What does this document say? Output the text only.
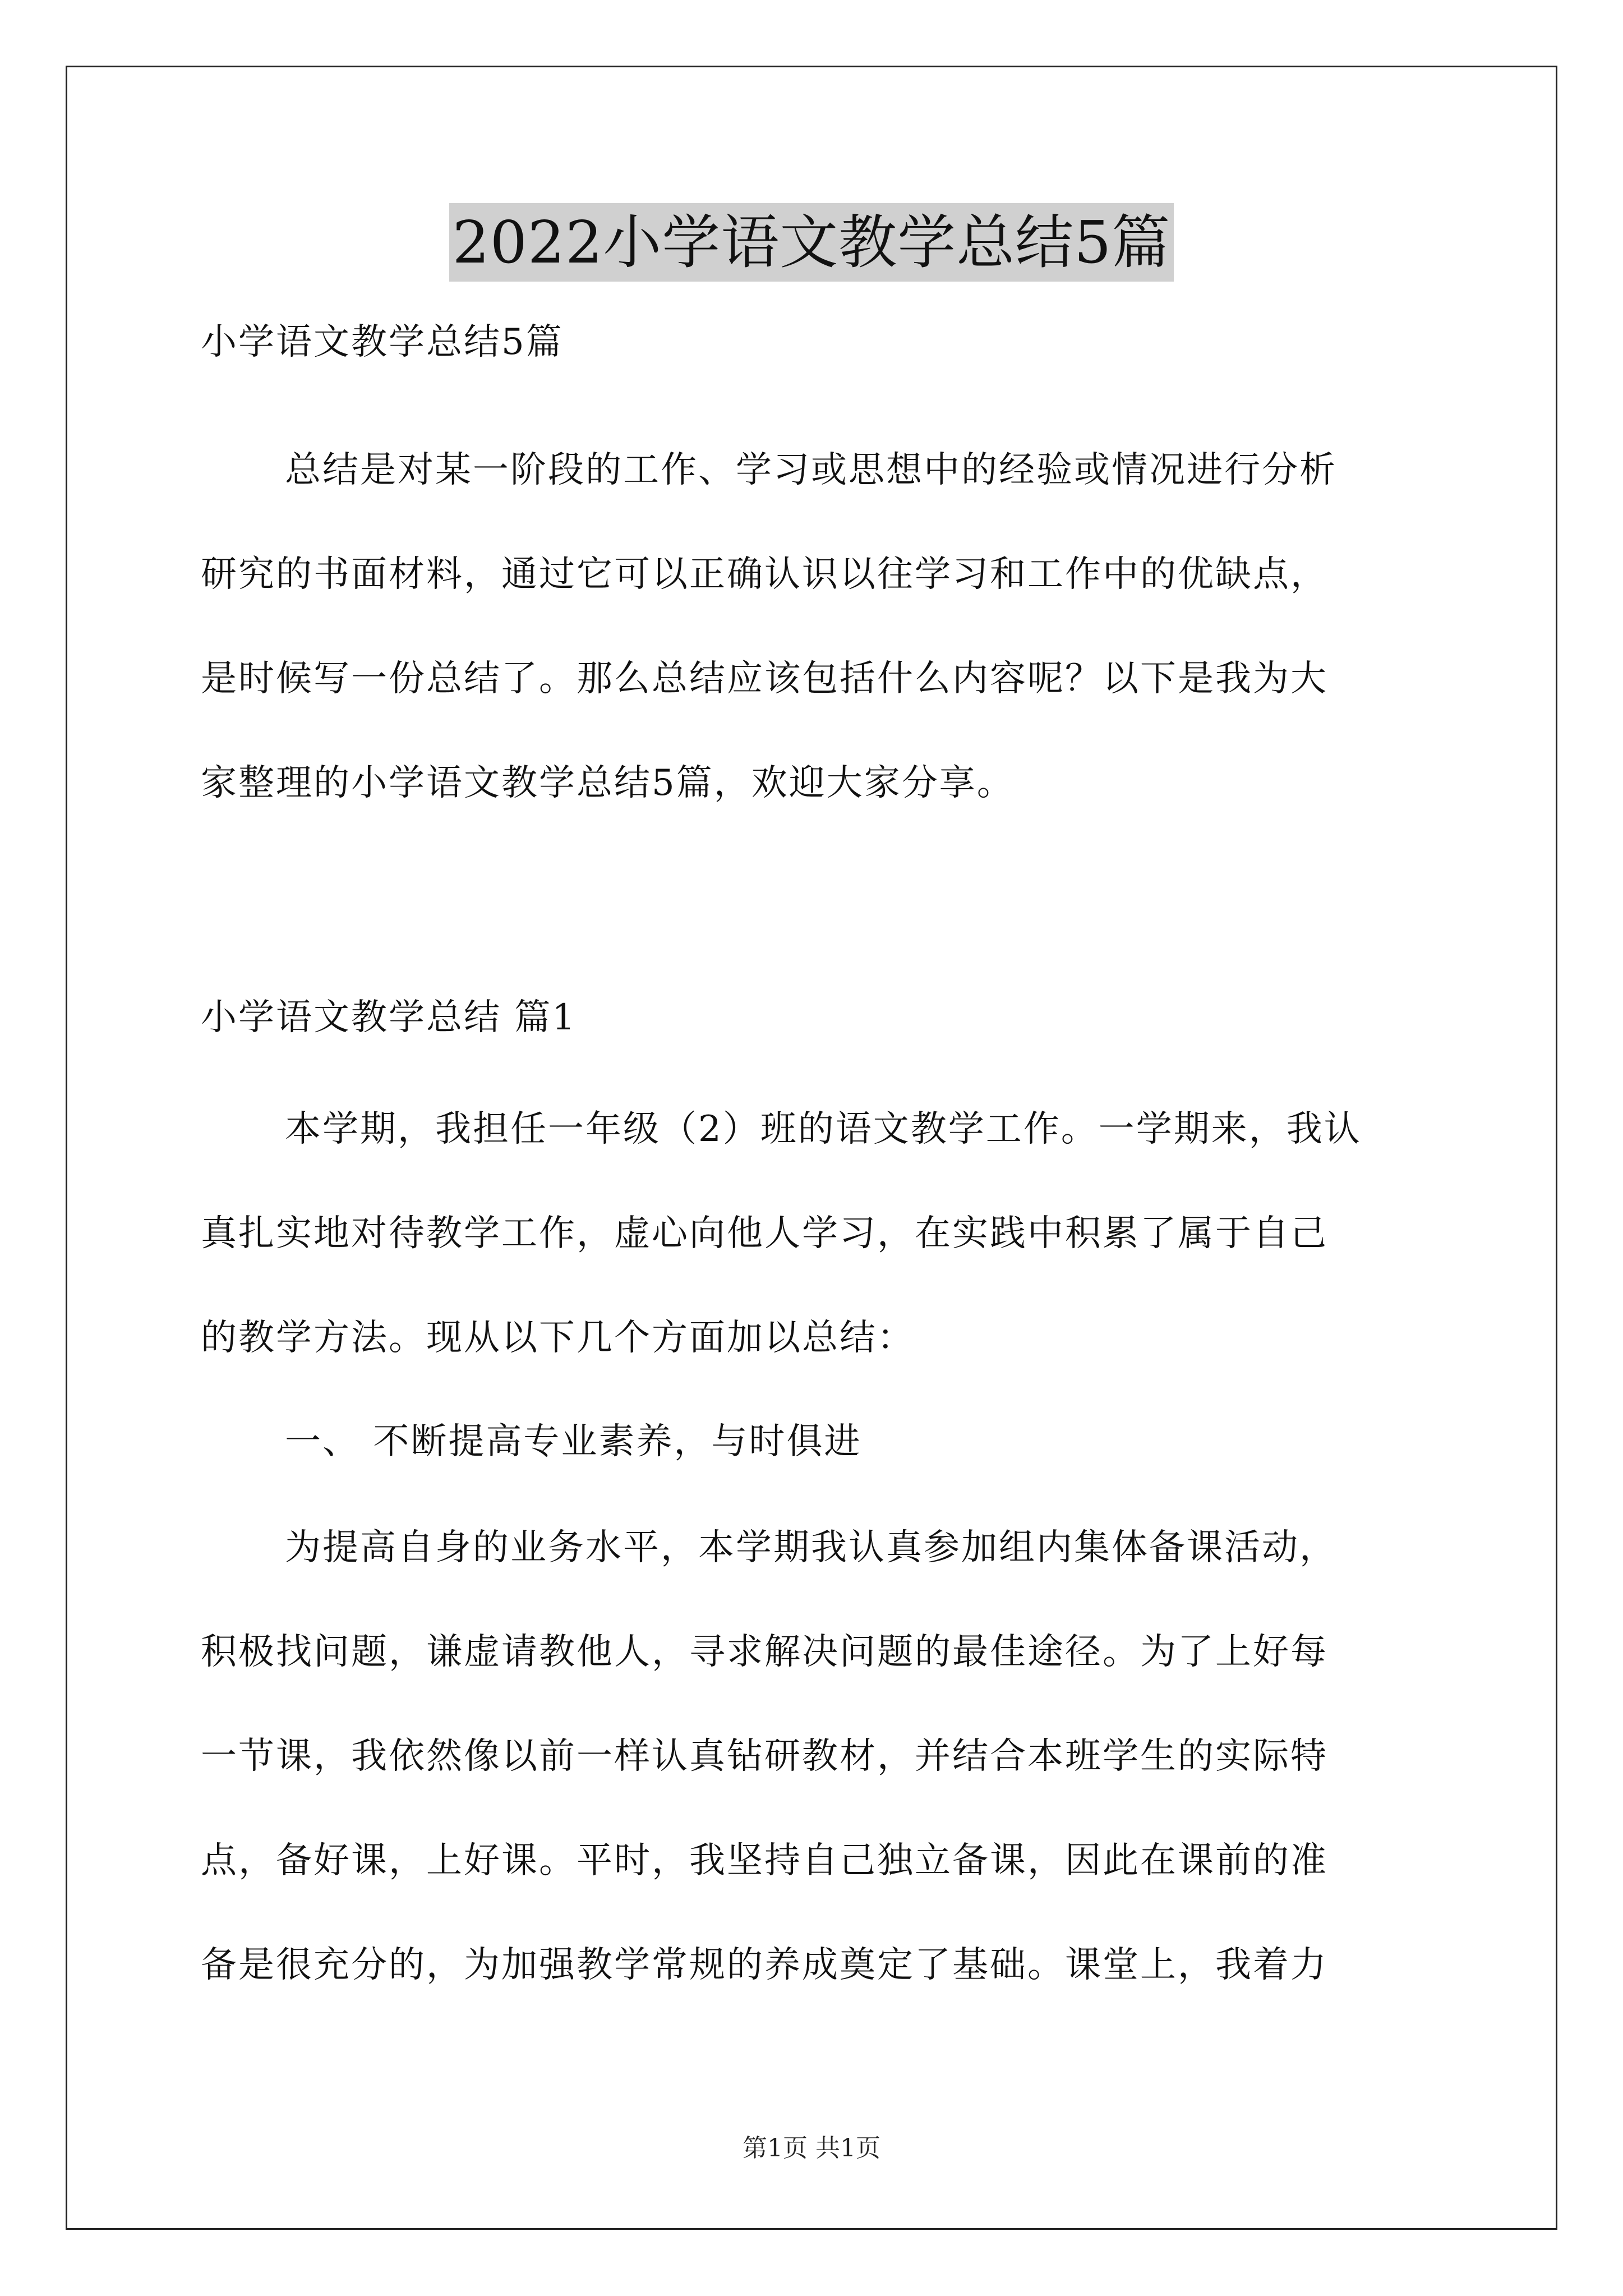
2022小学语文教学总结5篇
小学语文教学总结5篇
总结是对某一阶段的工作、学习或思想中的经验或情况进行分析
研究的书面材料，通过它可以正确认识以往学习和工作中的优缺点，
是时候写一份总结了。那么总结应该包括什么内容呢？以下是我为大
家整理的小学语文教学总结5篇，欢迎大家分享。
小学语文教学总结 篇1
本学期，我担任一年级（2）班的语文教学工作。一学期来，我认
真扎实地对待教学工作，虚心向他人学习，在实践中积累了属于自己
的教学方法。现从以下几个方面加以总结：
一、 不断提高专业素养，与时俱进
为提高自身的业务水平，本学期我认真参加组内集体备课活动，
积极找问题，谦虚请教他人，寻求解决问题的最佳途径。为了上好每
一节课，我依然像以前一样认真钻研教材，并结合本班学生的实际特
点，备好课，上好课。平时，我坚持自己独立备课，因此在课前的准
备是很充分的，为加强教学常规的养成奠定了基础。课堂上，我着力
第1页 共1页
